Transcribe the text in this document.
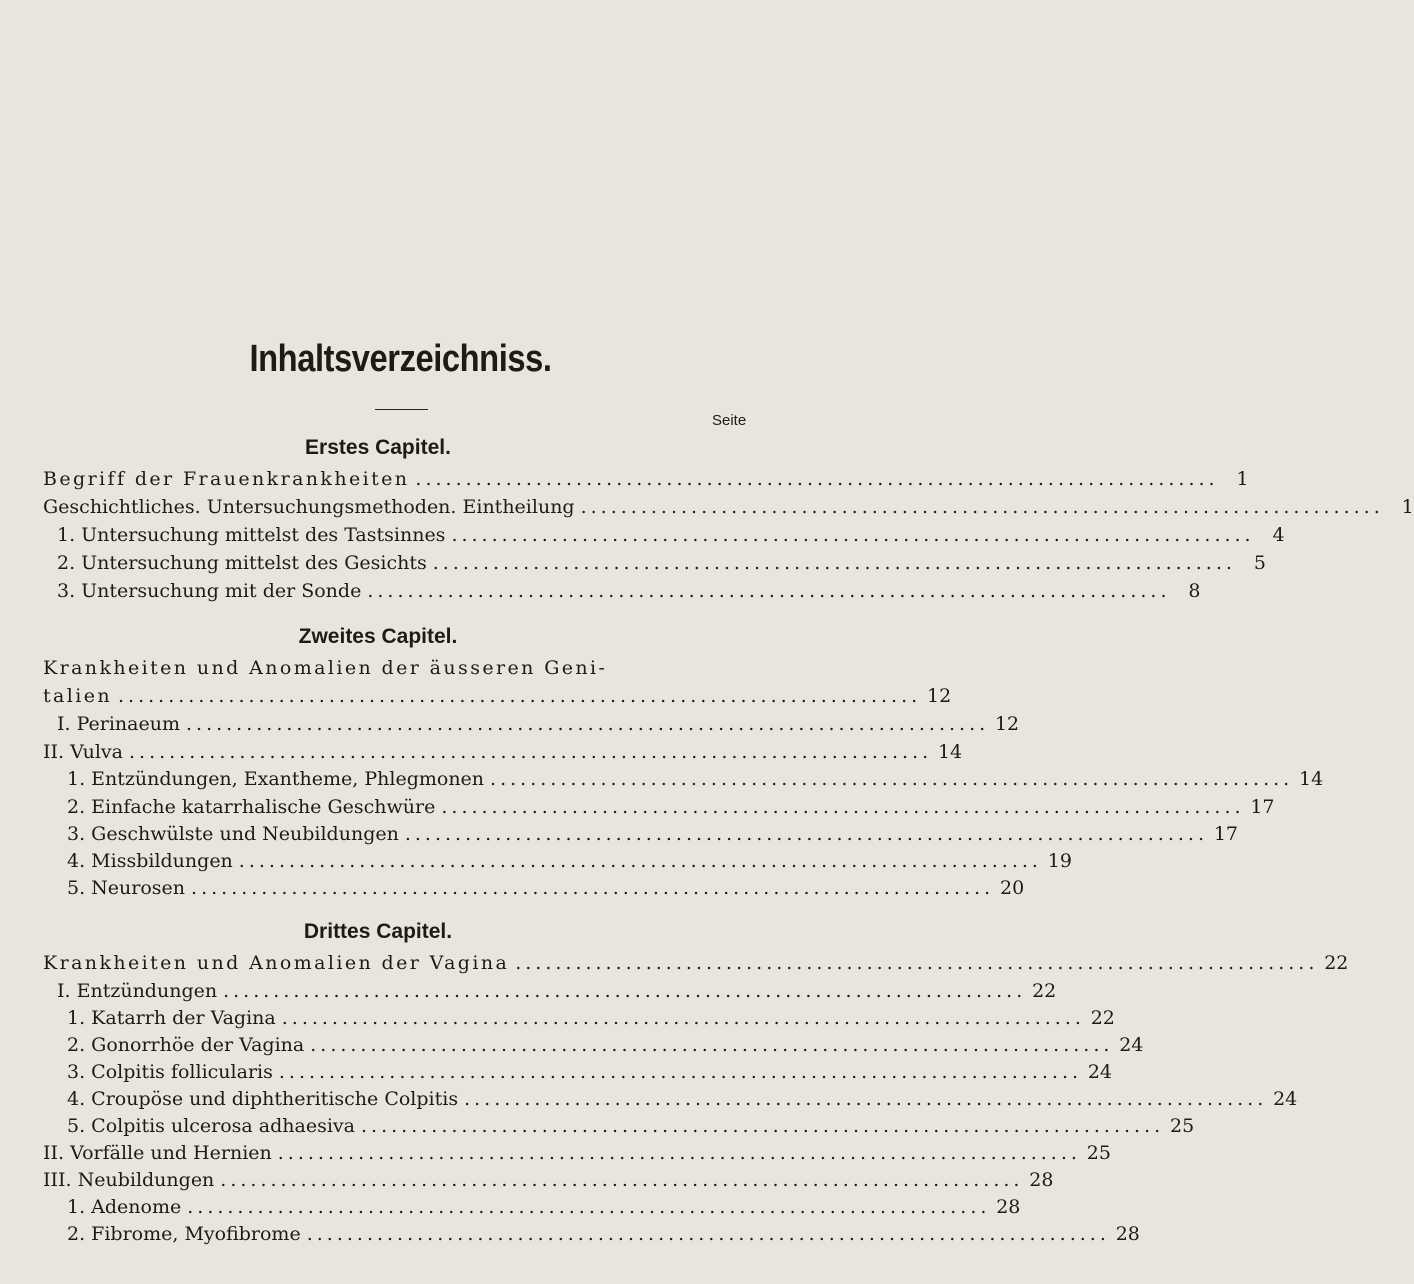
Inhaltsverzeichniss.
Seite
Erstes Capitel.
Begriff der Frauenkrankheiten ................................................................................ 1
Geschichtliches. Untersuchungsmethoden. Eintheilung ................................................................................ 1
1. Untersuchung mittelst des Tastsinnes ................................................................................ 4
2. Untersuchung mittelst des Gesichts ................................................................................ 5
3. Untersuchung mit der Sonde ................................................................................ 8
Zweites Capitel.
Krankheiten und Anomalien der äusseren Geni-
talien ................................................................................ 12
I. Perinaeum ................................................................................ 12
II. Vulva ................................................................................ 14
1. Entzündungen, Exantheme, Phlegmonen ................................................................................ 14
2. Einfache katarrhalische Geschwüre ................................................................................ 17
3. Geschwülste und Neubildungen ................................................................................ 17
4. Missbildungen ................................................................................ 19
5. Neurosen ................................................................................ 20
Drittes Capitel.
Krankheiten und Anomalien der Vagina ................................................................................ 22
I. Entzündungen ................................................................................ 22
1. Katarrh der Vagina ................................................................................ 22
2. Gonorrhöe der Vagina ................................................................................ 24
3. Colpitis follicularis ................................................................................ 24
4. Croupöse und diphtheritische Colpitis ................................................................................ 24
5. Colpitis ulcerosa adhaesiva ................................................................................ 25
II. Vorfälle und Hernien ................................................................................ 25
III. Neubildungen ................................................................................ 28
1. Adenome ................................................................................ 28
2. Fibrome, Myofibrome ................................................................................ 28
